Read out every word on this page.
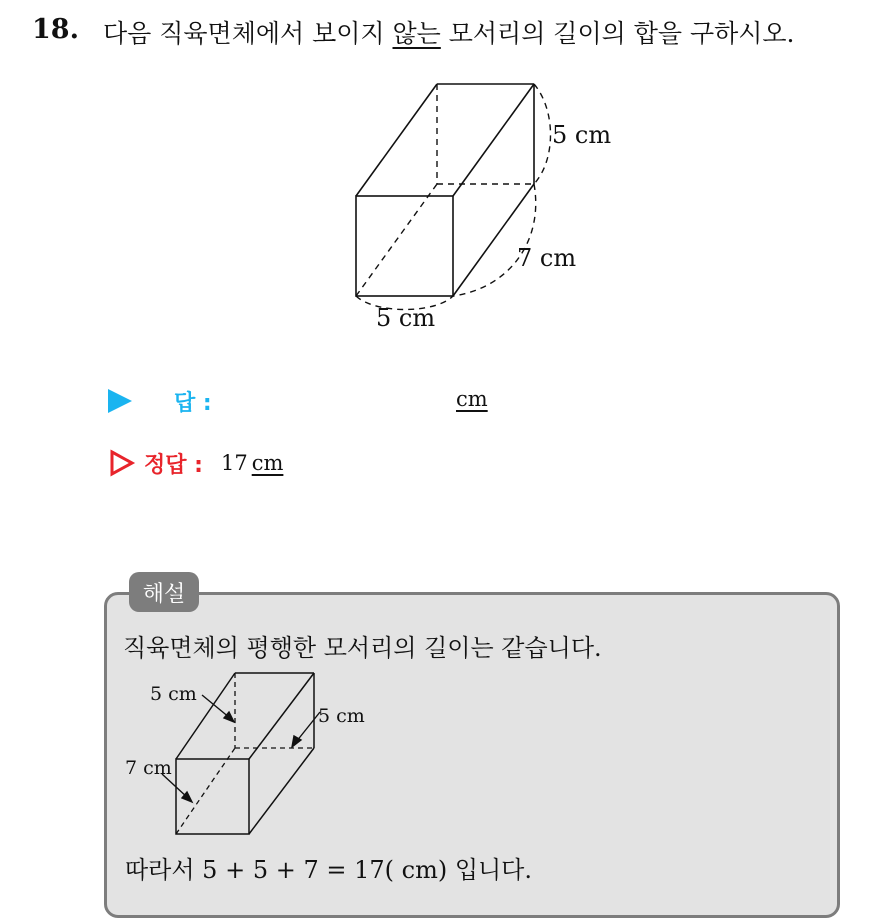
18. 다음 직육면체에서 보이지 않는 모서리의 길이의 합을 구하시오.
5 cm
7 cm
5 cm
답 :	cm
정답 : 17 cm
해설
직육면체의 평행한 모서리의 길이는 같습니다.
5 cm
5 cm
7 cm
따라서 5 + 5 + 7 = 17( cm) 입니다.
